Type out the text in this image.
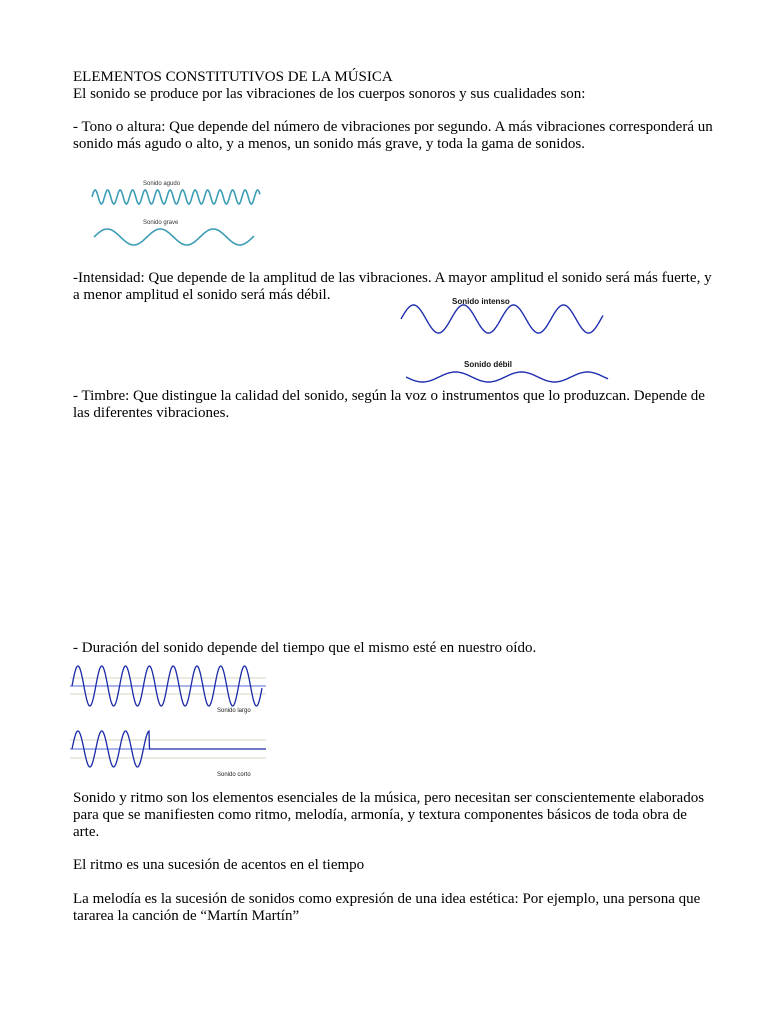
ELEMENTOS CONSTITUTIVOS DE LA MÚSICA

El sonido se produce por las vibraciones de los cuerpos sonoros y sus cualidades son:

- Tono o altura: Que depende del número de vibraciones por segundo. A más vibraciones corresponderá un sonido más agudo o alto, y a menos, un sonido más grave, y toda la gama de sonidos.

Sonido agudo
Sonido grave

-Intensidad: Que depende de la amplitud de las vibraciones. A mayor amplitud el sonido será más fuerte, y a menor amplitud el sonido será más débil.	Sonido intenso
Sonido débil

- Timbre: Que distingue la calidad del sonido, según la voz o instrumentos que lo produzcan. Depende de las diferentes vibraciones.

- Duración del sonido depende del tiempo que el mismo esté en nuestro oído.

Sonido largo
Sonido corto

Sonido y ritmo son los elementos esenciales de la música, pero necesitan ser conscientemente elaborados para que se manifiesten como ritmo, melodía, armonía, y textura componentes básicos de toda obra de arte.

El ritmo es una sucesión de acentos en el tiempo

La melodía es la sucesión de sonidos como expresión de una idea estética: Por ejemplo, una persona que tararea la canción de “Martín Martín”
